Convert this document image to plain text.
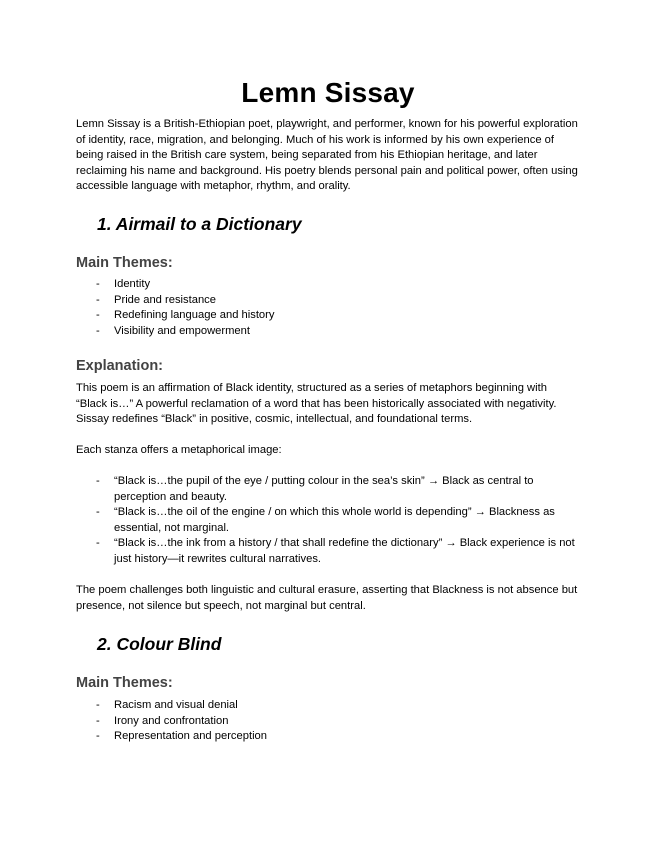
Lemn Sissay

Lemn Sissay is a British-Ethiopian poet, playwright, and performer, known for his powerful exploration of identity, race, migration, and belonging. Much of his work is informed by his own experience of being raised in the British care system, being separated from his Ethiopian heritage, and later reclaiming his name and background. His poetry blends personal pain and political power, often using accessible language with metaphor, rhythm, and orality.

1. Airmail to a Dictionary
Main Themes:
- Identity
- Pride and resistance
- Redefining language and history
- Visibility and empowerment
Explanation:

This poem is an affirmation of Black identity, structured as a series of metaphors beginning with “Black is…” A powerful reclamation of a word that has been historically associated with negativity. Sissay redefines “Black” in positive, cosmic, intellectual, and foundational terms.

Each stanza offers a metaphorical image:

- “Black is…the pupil of the eye / putting colour in the sea’s skin” → Black as central to perception and beauty.
- “Black is…the oil of the engine / on which this whole world is depending” → Blackness as essential, not marginal.
- “Black is…the ink from a history / that shall redefine the dictionary” → Black experience is not just history—it rewrites cultural narratives.

The poem challenges both linguistic and cultural erasure, asserting that Blackness is not absence but presence, not silence but speech, not marginal but central.

2. Colour Blind
Main Themes:
- Racism and visual denial
- Irony and confrontation
- Representation and perception
